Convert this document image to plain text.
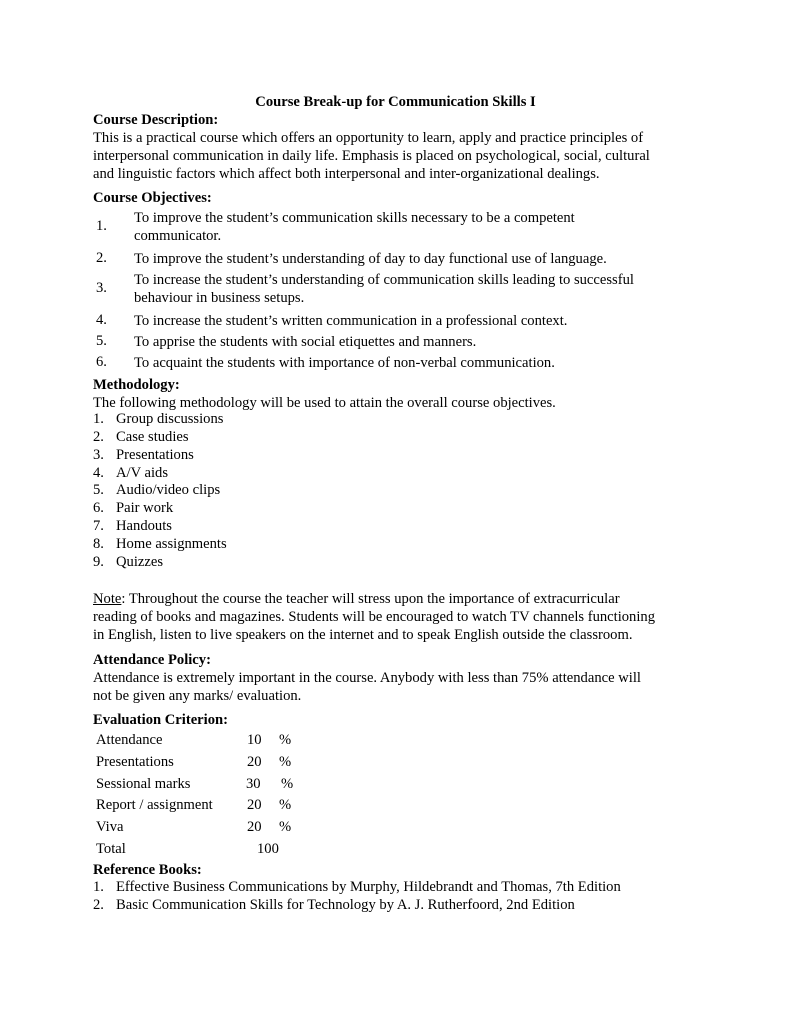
Course Break-up for Communication Skills I
Course Description:
This is a practical course which offers an opportunity to learn, apply and practice principles of
interpersonal communication in daily life. Emphasis is placed on psychological, social, cultural
and linguistic factors which affect both interpersonal and inter-organizational dealings.
Course Objectives:
1. To improve the student’s communication skills necessary to be a competent
communicator.
2. To improve the student’s understanding of day to day functional use of language.
3. To increase the student’s understanding of communication skills leading to successful
behaviour in business setups.
4. To increase the student’s written communication in a professional context.
5. To apprise the students with social etiquettes and manners.
6. To acquaint the students with importance of non-verbal communication.
Methodology:
The following methodology will be used to attain the overall course objectives.
1. Group discussions
2. Case studies
3. Presentations
4. A/V aids
5. Audio/video clips
6. Pair work
7. Handouts
8. Home assignments
9. Quizzes
Note: Throughout the course the teacher will stress upon the importance of extracurricular
reading of books and magazines. Students will be encouraged to watch TV channels functioning
in English, listen to live speakers on the internet and to speak English outside the classroom.
Attendance Policy:
Attendance is extremely important in the course. Anybody with less than 75% attendance will
not be given any marks/ evaluation.
Evaluation Criterion:
Attendance	10 %
Presentations	20 %
Sessional marks	30 %
Report / assignment 20 %
Viva	20 %
Total	100
Reference Books:
1. Effective Business Communications by Murphy, Hildebrandt and Thomas, 7th Edition
2. Basic Communication Skills for Technology by A. J. Rutherfoord, 2nd Edition
